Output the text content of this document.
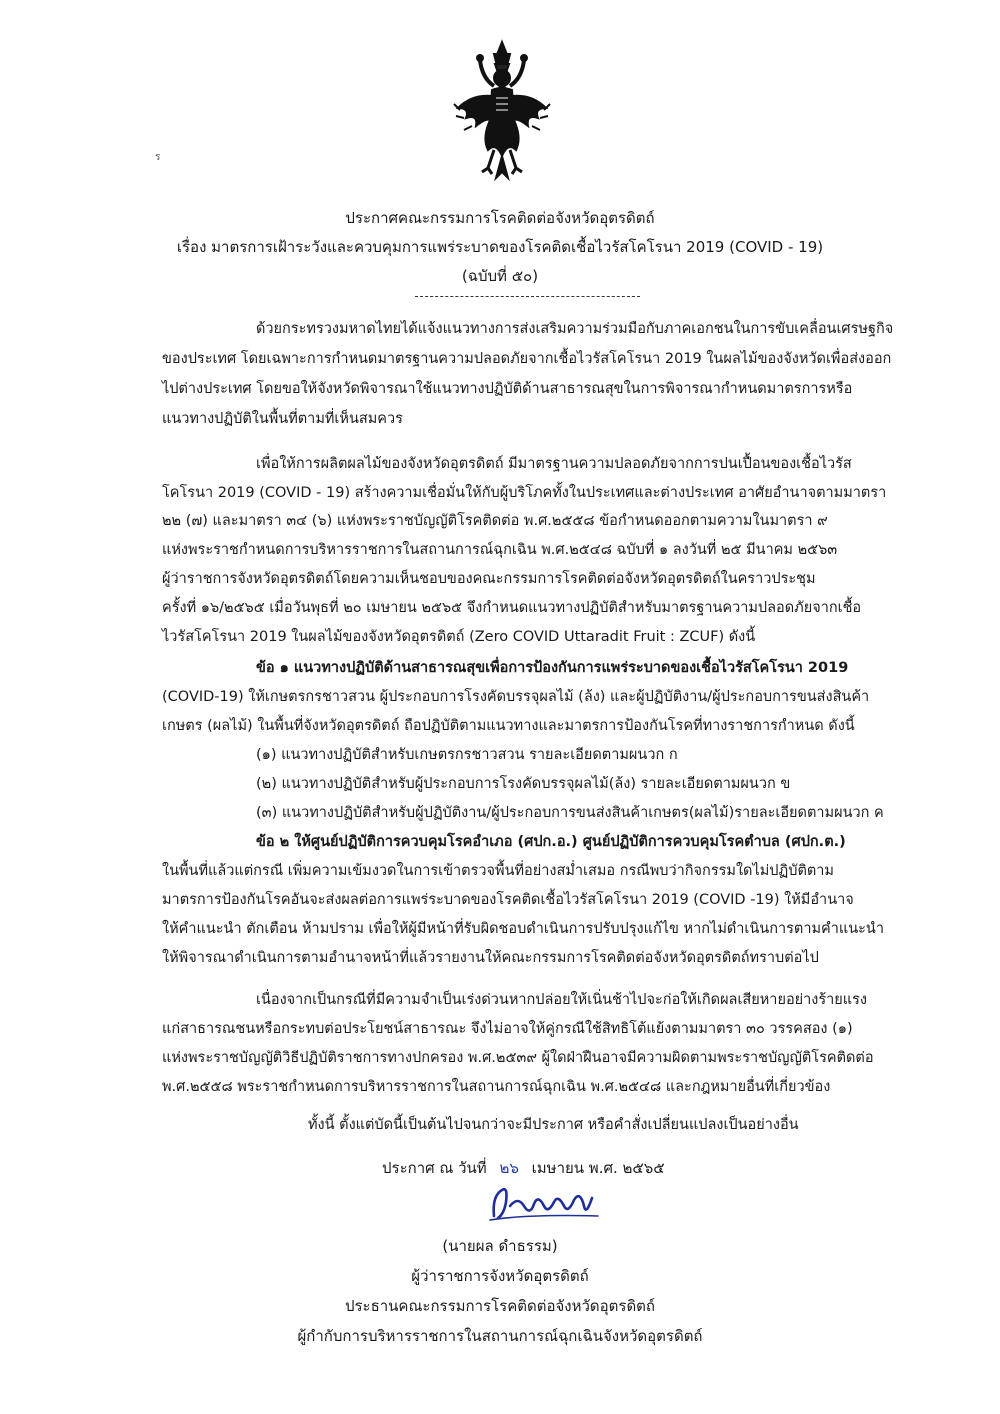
ร
ประกาศคณะกรรมการโรคติดต่อจังหวัดอุตรดิตถ์
เรื่อง มาตรการเฝ้าระวังและควบคุมการแพร่ระบาดของโรคติดเชื้อไวรัสโคโรนา 2019 (COVID - 19)
(ฉบับที่ ๕๐)
ด้วยกระทรวงมหาดไทยได้แจ้งแนวทางการส่งเสริมความร่วมมือกับภาคเอกชนในการขับเคลื่อนเศรษฐกิจ
ของประเทศ โดยเฉพาะการกำหนดมาตรฐานความปลอดภัยจากเชื้อไวรัสโคโรนา 2019 ในผลไม้ของจังหวัดเพื่อส่งออก
ไปต่างประเทศ โดยขอให้จังหวัดพิจารณาใช้แนวทางปฏิบัติด้านสาธารณสุขในการพิจารณากำหนดมาตรการหรือ
แนวทางปฏิบัติในพื้นที่ตามที่เห็นสมควร
เพื่อให้การผลิตผลไม้ของจังหวัดอุตรดิตถ์ มีมาตรฐานความปลอดภัยจากการปนเปื้อนของเชื้อไวรัส
โคโรนา 2019 (COVID - 19) สร้างความเชื่อมั่นให้กับผู้บริโภคทั้งในประเทศและต่างประเทศ อาศัยอำนาจตามมาตรา
๒๒ (๗) และมาตรา ๓๔ (๖) แห่งพระราชบัญญัติโรคติดต่อ พ.ศ.๒๕๕๘ ข้อกำหนดออกตามความในมาตรา ๙
แห่งพระราชกำหนดการบริหารราชการในสถานการณ์ฉุกเฉิน พ.ศ.๒๕๔๘ ฉบับที่ ๑ ลงวันที่ ๒๕ มีนาคม ๒๕๖๓
ผู้ว่าราชการจังหวัดอุตรดิตถ์โดยความเห็นชอบของคณะกรรมการโรคติดต่อจังหวัดอุตรดิตถ์ในคราวประชุม
ครั้งที่ ๑๖/๒๕๖๕ เมื่อวันพุธที่ ๒๐ เมษายน ๒๕๖๕ จึงกำหนดแนวทางปฏิบัติสำหรับมาตรฐานความปลอดภัยจากเชื้อ
ไวรัสโคโรนา 2019 ในผลไม้ของจังหวัดอุตรดิตถ์ (Zero COVID Uttaradit Fruit : ZCUF) ดังนี้
ข้อ ๑ แนวทางปฏิบัติด้านสาธารณสุขเพื่อการป้องกันการแพร่ระบาดของเชื้อไวรัสโคโรนา 2019
(COVID-19) ให้เกษตรกรชาวสวน ผู้ประกอบการโรงคัดบรรจุผลไม้ (ล้ง) และผู้ปฏิบัติงาน/ผู้ประกอบการขนส่งสินค้า
เกษตร (ผลไม้) ในพื้นที่จังหวัดอุตรดิตถ์ ถือปฏิบัติตามแนวทางและมาตรการป้องกันโรคที่ทางราชการกำหนด ดังนี้
(๑) แนวทางปฏิบัติสำหรับเกษตรกรชาวสวน รายละเอียดตามผนวก ก
(๒) แนวทางปฏิบัติสำหรับผู้ประกอบการโรงคัดบรรจุผลไม้(ล้ง) รายละเอียดตามผนวก ข
(๓) แนวทางปฏิบัติสำหรับผู้ปฏิบัติงาน/ผู้ประกอบการขนส่งสินค้าเกษตร(ผลไม้)รายละเอียดตามผนวก ค
ข้อ ๒ ให้ศูนย์ปฏิบัติการควบคุมโรคอำเภอ (ศปก.อ.) ศูนย์ปฏิบัติการควบคุมโรคตำบล (ศปก.ต.)
ในพื้นที่แล้วแต่กรณี เพิ่มความเข้มงวดในการเข้าตรวจพื้นที่อย่างสม่ำเสมอ กรณีพบว่ากิจกรรมใดไม่ปฏิบัติตาม
มาตรการป้องกันโรคอันจะส่งผลต่อการแพร่ระบาดของโรคติดเชื้อไวรัสโคโรนา 2019 (COVID -19) ให้มีอำนาจ
ให้คำแนะนำ ตักเตือน ห้ามปราม เพื่อให้ผู้มีหน้าที่รับผิดชอบดำเนินการปรับปรุงแก้ไข หากไม่ดำเนินการตามคำแนะนำ
ให้พิจารณาดำเนินการตามอำนาจหน้าที่แล้วรายงานให้คณะกรรมการโรคติดต่อจังหวัดอุตรดิตถ์ทราบต่อไป
เนื่องจากเป็นกรณีที่มีความจำเป็นเร่งด่วนหากปล่อยให้เนิ่นช้าไปจะก่อให้เกิดผลเสียหายอย่างร้ายแรง
แก่สาธารณชนหรือกระทบต่อประโยชน์สาธารณะ จึงไม่อาจให้คู่กรณีใช้สิทธิโต้แย้งตามมาตรา ๓๐ วรรคสอง (๑)
แห่งพระราชบัญญัติวิธีปฏิบัติราชการทางปกครอง พ.ศ.๒๕๓๙ ผู้ใดฝ่าฝืนอาจมีความผิดตามพระราชบัญญัติโรคติดต่อ
พ.ศ.๒๕๕๘ พระราชกำหนดการบริหารราชการในสถานการณ์ฉุกเฉิน พ.ศ.๒๕๔๘ และกฎหมายอื่นที่เกี่ยวข้อง
ทั้งนี้ ตั้งแต่บัดนี้เป็นต้นไปจนกว่าจะมีประกาศ หรือคำสั่งเปลี่ยนแปลงเป็นอย่างอื่น
ประกาศ ณ วันที่ ๒๖ เมษายน พ.ศ. ๒๕๖๕
(นายผล ดำธรรม)
ผู้ว่าราชการจังหวัดอุตรดิตถ์
ประธานคณะกรรมการโรคติดต่อจังหวัดอุตรดิตถ์
ผู้กำกับการบริหารราชการในสถานการณ์ฉุกเฉินจังหวัดอุตรดิตถ์
